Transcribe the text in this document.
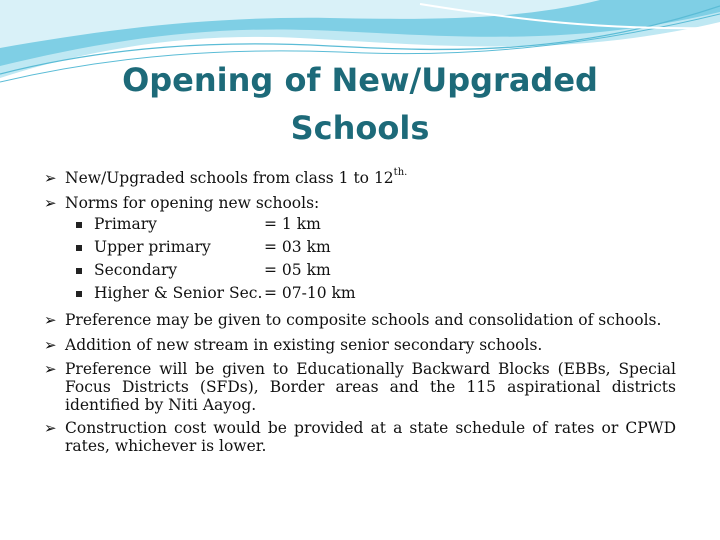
Opening of New/Upgraded
Schools
➢ New/Upgraded schools from class 1 to $12^{th.}$
➢ Norms for opening new schools:
Primary	= 1 km
Upper primary	= 03 km
Secondary	= 05 km
Higher & Senior Sec. = 07-10 km
➢ Preference may be given to composite schools and consolidation of schools.
➢ Addition of new stream in existing senior secondary schools.
➢ Preference will be given to Educationally Backward Blocks (EBBs, Special Focus Districts (SFDs), Border areas and the 115 aspirational districts identified by Niti Aayog.
➢ Construction cost would be provided at a state schedule of rates or CPWD rates, whichever is lower.
